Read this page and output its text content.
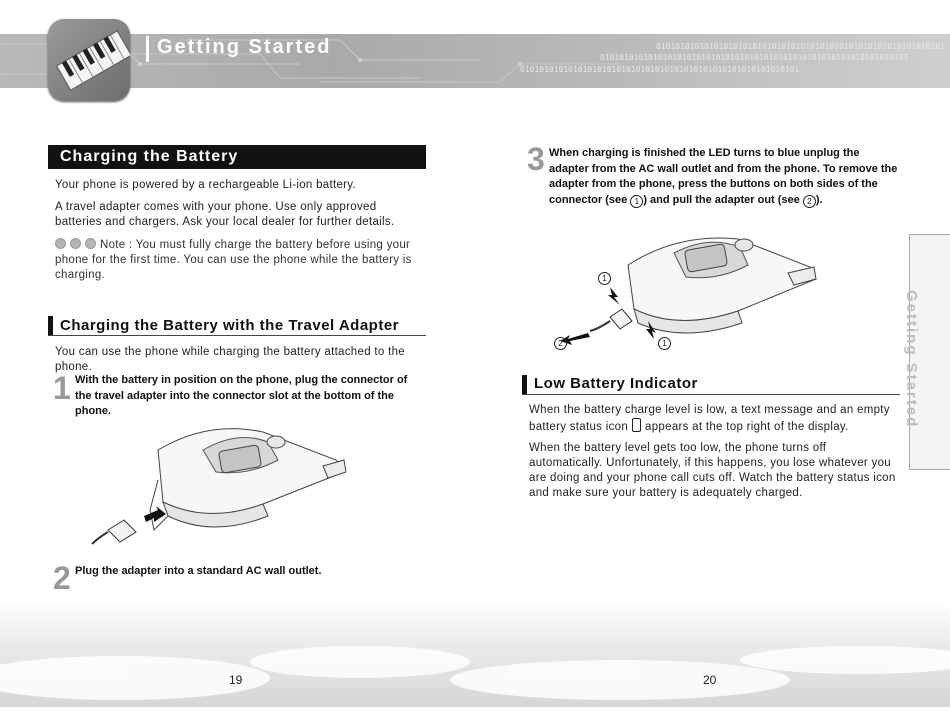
010101010101010101010101010101010101010101010101010101010101
0101010101010101010101010101010101010101010101010101010101010101
0101010101010101010101010101010101010101010101010101010101
Getting Started
Charging the Battery
Your phone is powered by a rechargeable Li-ion battery.
A travel adapter comes with your phone. Use only approved batteries and chargers. Ask your local dealer for further details.
Note : You must fully charge the battery before using your phone for the first time. You can use the phone while the battery is charging.
Charging the Battery with the Travel Adapter
You can use the phone while charging the battery attached to the phone.
1 With the battery in position on the phone, plug the connector of the travel adapter into the connector slot at the bottom of the phone.
2 Plug the adapter into a standard AC wall outlet.
3 When charging is finished the LED turns to blue unplug the adapter from the AC wall outlet and from the phone. To remove the adapter from the phone, press the buttons on both sides of the connector (see 1 ) and pull the adapter out (see 2 ).
1
2	1
Low Battery Indicator
When the battery charge level is low, a text message and an empty battery status icon appears at the top right of the display.
When the battery level gets too low, the phone turns off automatically. Unfortunately, if this happens, you lose whatever you are doing and your phone call cuts off. Watch the battery status icon and make sure your battery is adequately charged.
Getting Started
19	20
